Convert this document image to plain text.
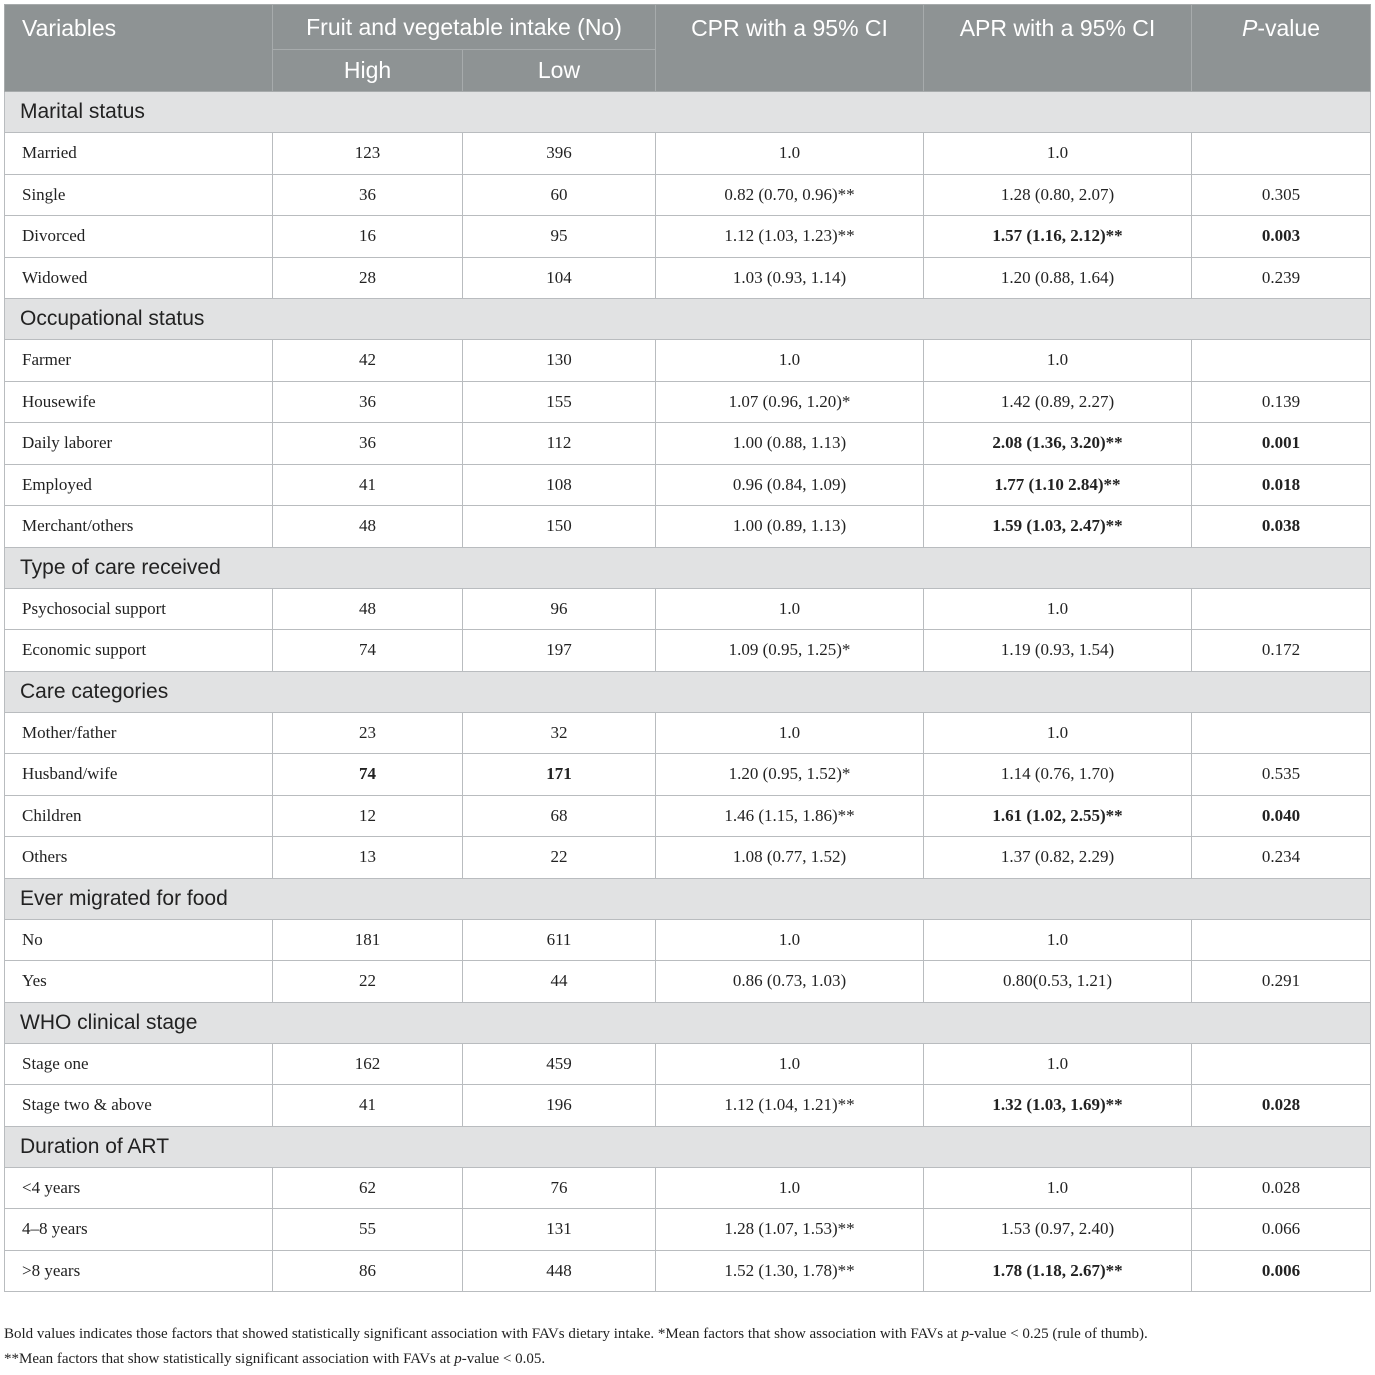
Variables	Fruit and vegetable intake (No)		CPR with a 95% CI	APR with a 95% CI	P-value
	High	Low			
Marital status					
Married	123	396	1.0	1.0	
Single	36	60	0.82 (0.70, 0.96)**	1.28 (0.80, 2.07)	0.305
Divorced	16	95	1.12 (1.03, 1.23)**	1.57 (1.16, 2.12)**	0.003
Widowed	28	104	1.03 (0.93, 1.14)	1.20 (0.88, 1.64)	0.239
Occupational status					
Farmer	42	130	1.0	1.0	
Housewife	36	155	1.07 (0.96, 1.20)*	1.42 (0.89, 2.27)	0.139
Daily laborer	36	112	1.00 (0.88, 1.13)	2.08 (1.36, 3.20)**	0.001
Employed	41	108	0.96 (0.84, 1.09)	1.77 (1.10 2.84)**	0.018
Merchant/others	48	150	1.00 (0.89, 1.13)	1.59 (1.03, 2.47)**	0.038
Type of care received					
Psychosocial support	48	96	1.0	1.0	
Economic support	74	197	1.09 (0.95, 1.25)*	1.19 (0.93, 1.54)	0.172
Care categories					
Mother/father	23	32	1.0	1.0	
Husband/wife	74	171	1.20 (0.95, 1.52)*	1.14 (0.76, 1.70)	0.535
Children	12	68	1.46 (1.15, 1.86)**	1.61 (1.02, 2.55)**	0.040
Others	13	22	1.08 (0.77, 1.52)	1.37 (0.82, 2.29)	0.234
Ever migrated for food					
No	181	611	1.0	1.0	
Yes	22	44	0.86 (0.73, 1.03)	0.80(0.53, 1.21)	0.291
WHO clinical stage					
Stage one	162	459	1.0	1.0	
Stage two & above	41	196	1.12 (1.04, 1.21)**	1.32 (1.03, 1.69)**	0.028
Duration of ART					
<4 years	62	76	1.0	1.0	0.028
4–8 years	55	131	1.28 (1.07, 1.53)**	1.53 (0.97, 2.40)	0.066
>8 years	86	448	1.52 (1.30, 1.78)**	1.78 (1.18, 2.67)**	0.006
Bold values indicates those factors that showed statistically significant association with FAVs dietary intake. *Mean factors that show association with FAVs at p-value < 0.25 (rule of thumb).
**Mean factors that show statistically significant association with FAVs at p-value < 0.05.
